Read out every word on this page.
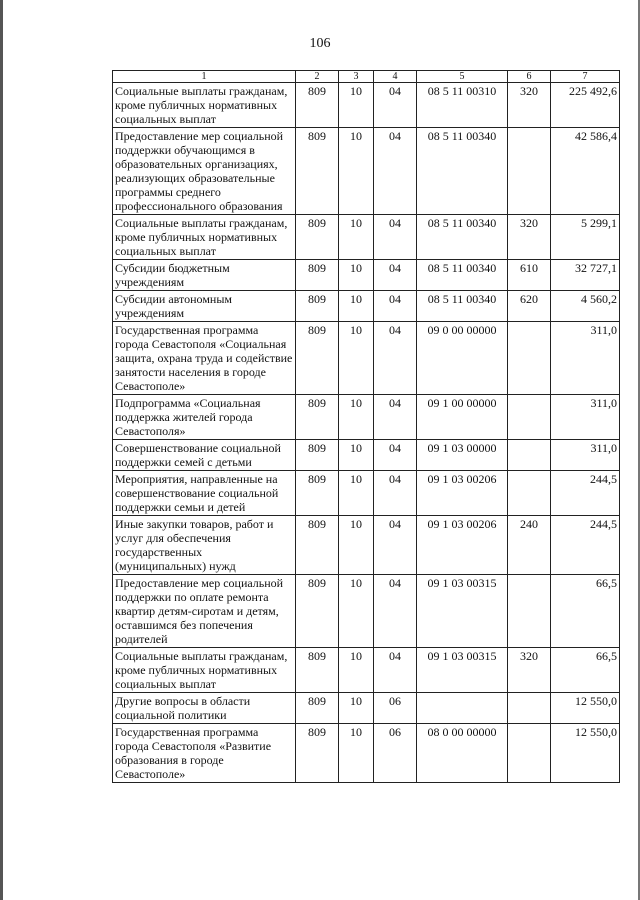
106
1	2	3	4	5	6	7
Социальные выплаты гражданам, кроме публичных нормативных социальных выплат	809	10	04	08 5 11 00310	320	225 492,6
Предоставление мер социальной поддержки обучающимся в образовательных организациях, реализующих образовательные программы среднего профессионального образования	809	10	04	08 5 11 00340		42 586,4
Социальные выплаты гражданам, кроме публичных нормативных социальных выплат	809	10	04	08 5 11 00340	320	5 299,1
Субсидии бюджетным учреждениям	809	10	04	08 5 11 00340	610	32 727,1
Субсидии автономным учреждениям	809	10	04	08 5 11 00340	620	4 560,2
Государственная программа города Севастополя «Социальная защита, охрана труда и содействие занятости населения в городе Севастополе»	809	10	04	09 0 00 00000		311,0
Подпрограмма «Социальная поддержка жителей города Севастополя»	809	10	04	09 1 00 00000		311,0
Совершенствование социальной поддержки семей с детьми	809	10	04	09 1 03 00000		311,0
Мероприятия, направленные на совершенствование социальной поддержки семьи и детей	809	10	04	09 1 03 00206		244,5
Иные закупки товаров, работ и услуг для обеспечения государственных (муниципальных) нужд	809	10	04	09 1 03 00206	240	244,5
Предоставление мер социальной поддержки по оплате ремонта квартир детям-сиротам и детям, оставшимся без попечения родителей	809	10	04	09 1 03 00315		66,5
Социальные выплаты гражданам, кроме публичных нормативных социальных выплат	809	10	04	09 1 03 00315	320	66,5
Другие вопросы в области социальной политики	809	10	06			12 550,0
Государственная программа города Севастополя «Развитие образования в городе Севастополе»	809	10	06	08 0 00 00000		12 550,0
